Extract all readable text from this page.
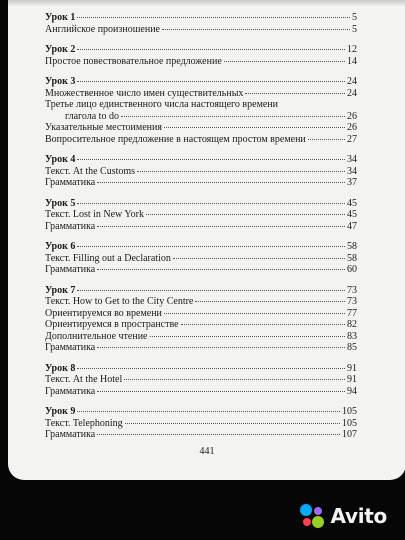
Урок 1	5
Английское произношение	5
Урок 2	12
Простое повествовательное предложение	14
Урок 3	24
Множественное число имен существительных	24
Третье лицо единственного числа настоящего времени
глагола to do	26
Указательные местоимения	26
Вопросительное предложение в настоящем простом времени	27
Урок 4	34
Текст. At the Customs	34
Грамматика	37
Урок 5	45
Текст. Lost in New York	45
Грамматика	47
Урок 6	58
Текст. Filling out a Declaration	58
Грамматика	60
Урок 7	73
Текст. How to Get to the City Centre	73
Ориентируемся во времени	77
Ориентируемся в пространстве	82
Дополнительное чтение	83
Грамматика	85
Урок 8	91
Текст. At the Hotel	91
Грамматика	94
Урок 9	105
Текст. Telephoning	105
Грамматика	107
441
Avito
